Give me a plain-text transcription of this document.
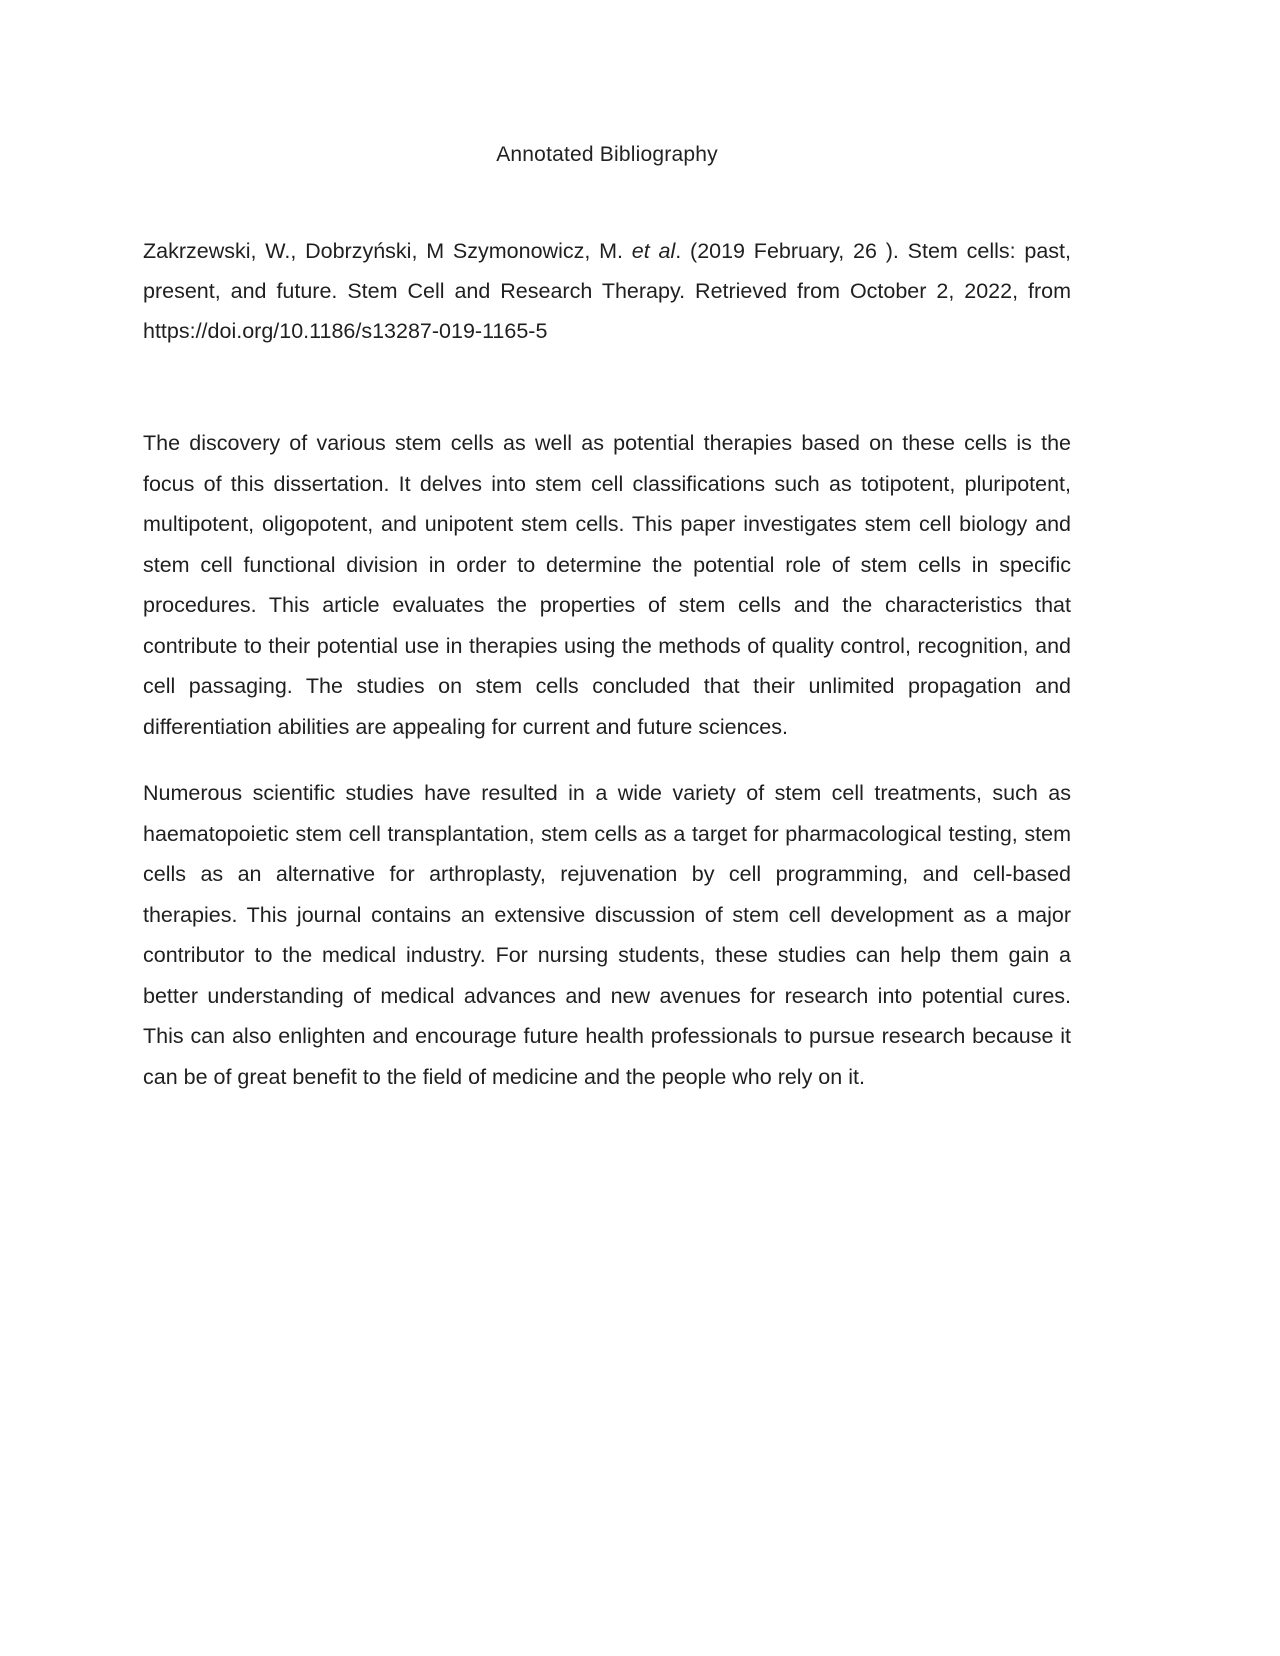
Annotated Bibliography

Zakrzewski, W., Dobrzyński, M Szymonowicz, M. et al. (2019 February, 26 ). Stem cells: past, present, and future. Stem Cell and Research Therapy. Retrieved from October 2, 2022, from https://doi.org/10.1186/s13287-019-1165-5

The discovery of various stem cells as well as potential therapies based on these cells is the focus of this dissertation. It delves into stem cell classifications such as totipotent, pluripotent, multipotent, oligopotent, and unipotent stem cells. This paper investigates stem cell biology and stem cell functional division in order to determine the potential role of stem cells in specific procedures. This article evaluates the properties of stem cells and the characteristics that contribute to their potential use in therapies using the methods of quality control, recognition, and cell passaging. The studies on stem cells concluded that their unlimited propagation and differentiation abilities are appealing for current and future sciences.

Numerous scientific studies have resulted in a wide variety of stem cell treatments, such as haematopoietic stem cell transplantation, stem cells as a target for pharmacological testing, stem cells as an alternative for arthroplasty, rejuvenation by cell programming, and cell-based therapies. This journal contains an extensive discussion of stem cell development as a major contributor to the medical industry. For nursing students, these studies can help them gain a better understanding of medical advances and new avenues for research into potential cures. This can also enlighten and encourage future health professionals to pursue research because it can be of great benefit to the field of medicine and the people who rely on it.
